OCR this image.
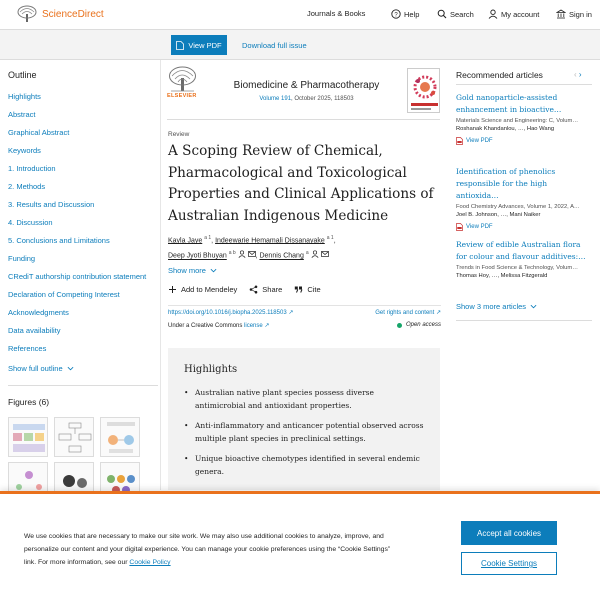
ScienceDirect	Journals & Books	? Help	Search	My account	Sign in
View PDF	Download full issue
Outline
Highlights
Abstract
Graphical Abstract
Keywords
1. Introduction
2. Methods
3. Results and Discussion
4. Discussion
5. Conclusions and Limitations
Funding
CRediT authorship contribution statement
Declaration of Competing Interest
Acknowledgments
Data availability
References
Show full outline
Figures (6)
ELSEVIER
Biomedicine & Pharmacotherapy
Volume 191, October 2025, 118503
Review
A Scoping Review of Chemical, Pharmacological and Toxicological Properties and Clinical Applications of Australian Indigenous Medicine
Kayla Jaye $^{a 1}$, Indeewarie Hemamali Dissanayake $^{a 1}$,
Deep Jyoti Bhuyan $^{a b}$	, Dennis Chang $^a$
Show more
Add to Mendeley	Share	Cite
https://doi.org/10.1016/j.biopha.2025.118503 ↗	Get rights and content ↗
Under a Creative Commons license ↗	Open access
Highlights
• Australian native plant species possess diverse antimicrobial and antioxidant properties.
• Anti-inflammatory and anticancer potential observed across multiple plant species in preclinical settings.
• Unique bioactive chemotypes identified in several endemic genera.
Recommended articles	‹ ›
Gold nanoparticle-assisted enhancement in bioactive…
Materials Science and Engineering: C, Volum…
Roshanak Khandanlou, …, Hao Wang
View PDF
Identification of phenolics responsible for the high antioxida…
Food Chemistry Advances, Volume 1, 2022, A…
Joel B. Johnson, …, Mani Naiker
View PDF
Review of edible Australian flora for colour and flavour additives:…
Trends in Food Science & Technology, Volum…
Thomas Hoy, …, Melissa Fitzgerald
Show 3 more articles
We use cookies that are necessary to make our site work. We may also use additional cookies to analyze, improve, and personalize our content and your digital experience. You can manage your cookie preferences using the “Cookie Settings” link. For more information, see our Cookie Policy
Accept all cookies
Cookie Settings
